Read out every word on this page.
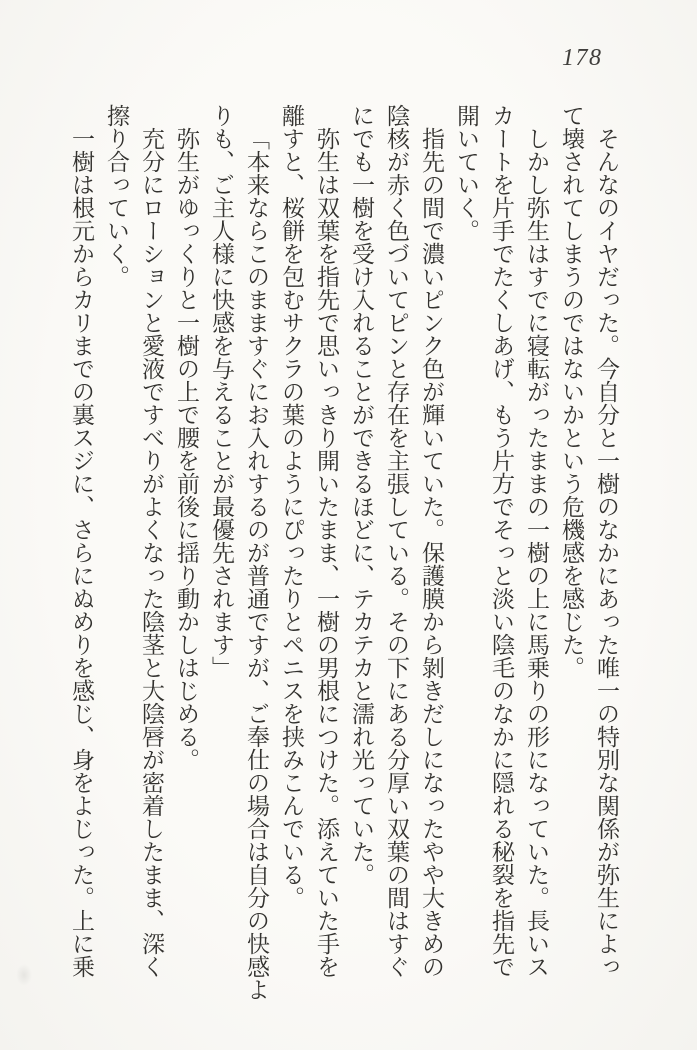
178
そんなのイヤだった。今自分と一樹のなかにあった唯一の特別な関係が弥生によっ
て壊されてしまうのではないかという危機感を感じた。
しかし弥生はすでに寝転がったままの一樹の上に馬乗りの形になっていた。長いス
カートを片手でたくしあげ、もう片方でそっと淡い陰毛のなかに隠れる秘裂を指先で
開いていく。
指先の間で濃いピンク色が輝いていた。保護膜から剝きだしになったやや大きめの
陰核が赤く色づいてピンと存在を主張している。その下にある分厚い双葉の間はすぐ
にでも一樹を受け入れることができるほどに、テカテカと濡れ光っていた。
弥生は双葉を指先で思いっきり開いたまま、一樹の男根につけた。添えていた手を
離すと、桜餅を包むサクラの葉のようにぴったりとペニスを挟みこんでいる。
「本来ならこのまますぐにお入れするのが普通ですが、ご奉仕の場合は自分の快感よ
りも、ご主人様に快感を与えることが最優先されます」
弥生がゆっくりと一樹の上で腰を前後に揺り動かしはじめる。
充分にローションと愛液ですべりがよくなった陰茎と大陰唇が密着したまま、深く
擦り合っていく。
一樹は根元からカリまでの裏スジに、さらにぬめりを感じ、身をよじった。上に乗
